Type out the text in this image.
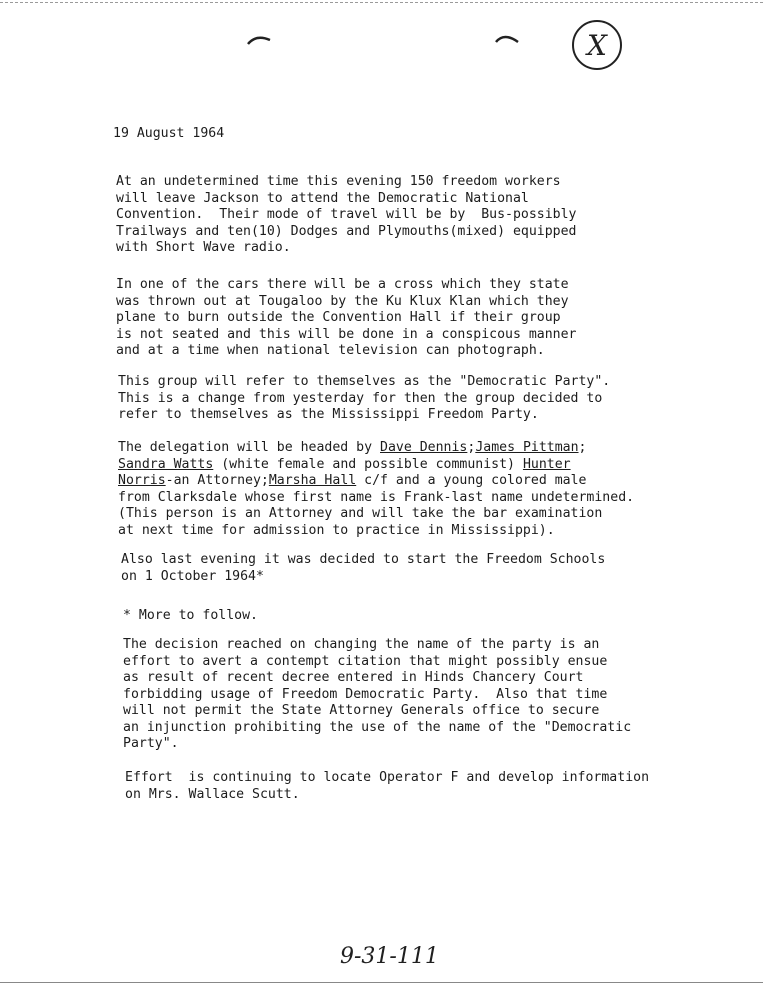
X
19 August 1964
At an undetermined time this evening 150 freedom workers
will leave Jackson to attend the Democratic National
Convention.  Their mode of travel will be by  Bus-possibly
Trailways and ten(10) Dodges and Plymouths(mixed) equipped
with Short Wave radio.
In one of the cars there will be a cross which they state
was thrown out at Tougaloo by the Ku Klux Klan which they
plane to burn outside the Convention Hall if their group
is not seated and this will be done in a conspicous manner
and at a time when national television can photograph.
This group will refer to themselves as the "Democratic Party".
This is a change from yesterday for then the group decided to
refer to themselves as the Mississippi Freedom Party.
The delegation will be headed by Dave Dennis;James Pittman;
Sandra Watts (white female and possible communist) Hunter
Norris-an Attorney;Marsha Hall c/f and a young colored male
from Clarksdale whose first name is Frank-last name undetermined.
(This person is an Attorney and will take the bar examination
at next time for admission to practice in Mississippi).
Also last evening it was decided to start the Freedom Schools
on 1 October 1964*
* More to follow.
The decision reached on changing the name of the party is an
effort to avert a contempt citation that might possibly ensue
as result of recent decree entered in Hinds Chancery Court
forbidding usage of Freedom Democratic Party.  Also that time
will not permit the State Attorney Generals office to secure
an injunction prohibiting the use of the name of the "Democratic
Party".
Effort  is continuing to locate Operator F and develop information
on Mrs. Wallace Scutt.
9-31-111
